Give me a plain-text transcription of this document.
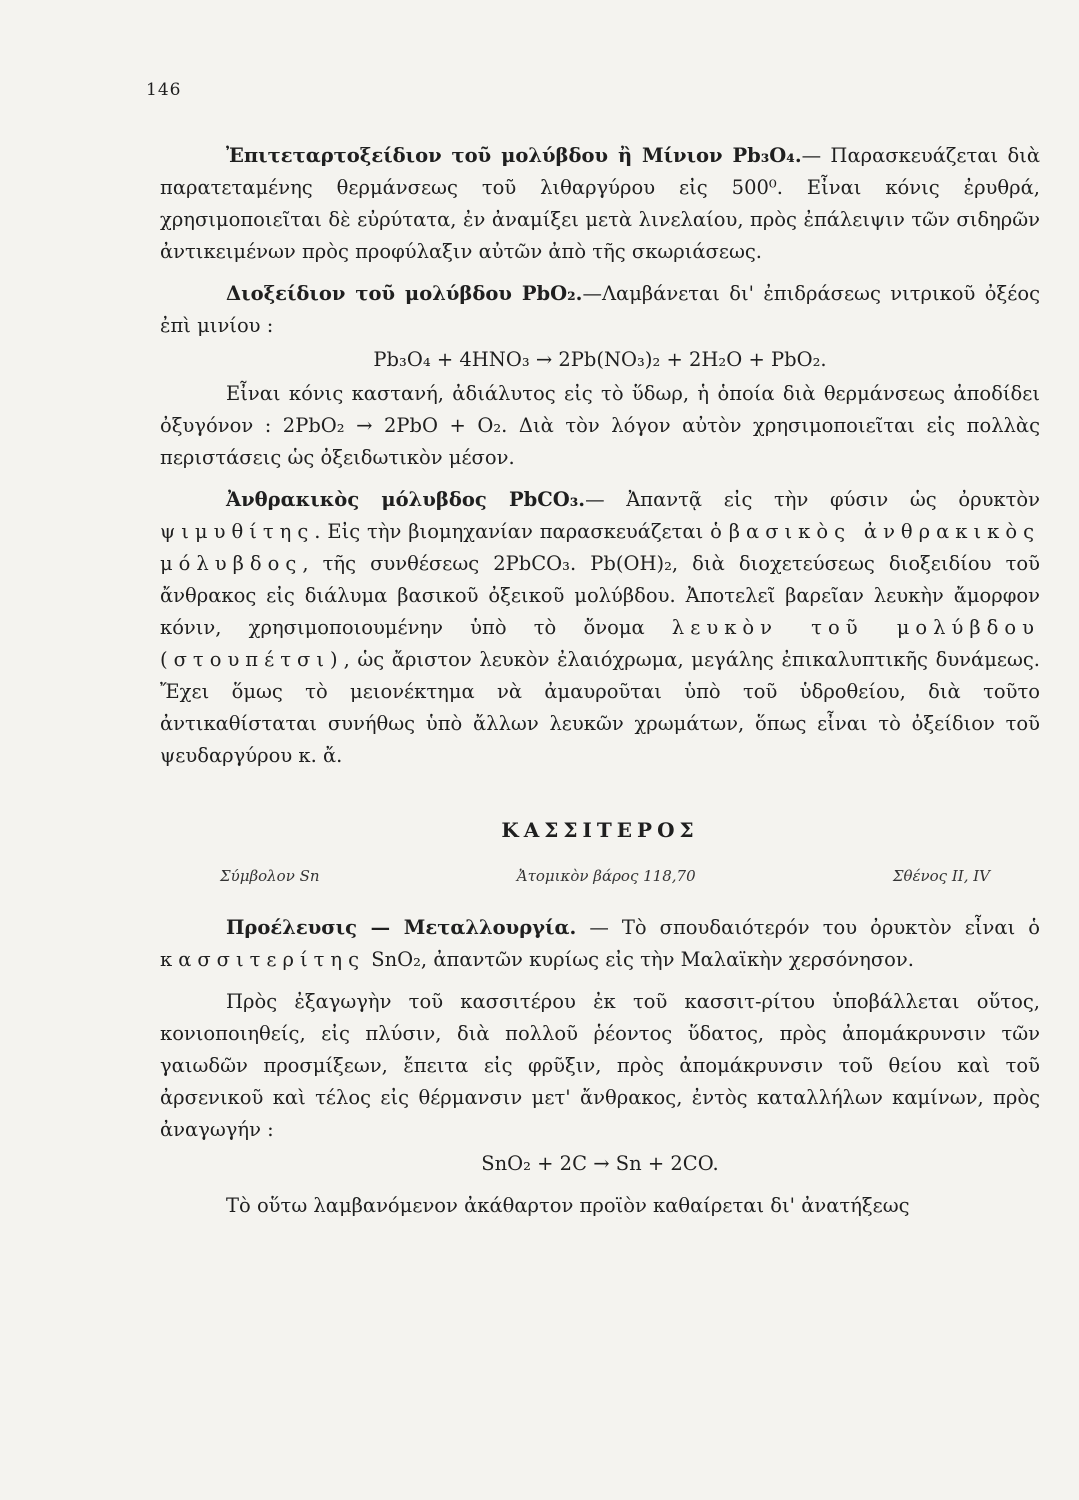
146

Ἐπιτεταρτοξείδιον τοῦ μολύβδου ἢ Μίνιον Pb₃O₄.— Παρασκευάζεται διὰ παρατεταμένης θερμάνσεως τοῦ λιθαργύρου εἰς 500⁰. Εἶναι κόνις ἐρυθρά, χρησιμοποιεῖται δὲ εὐρύτατα, ἐν ἀναμίξει μετὰ λινελαίου, πρὸς ἐπάλειψιν τῶν σιδηρῶν ἀντικειμένων πρὸς προφύλαξιν αὐτῶν ἀπὸ τῆς σκωριάσεως.

Διοξείδιον τοῦ μολύβδου PbO₂.—Λαμβάνεται δι' ἐπιδράσεως νιτρικοῦ ὀξέος ἐπὶ μινίου :

Pb₃O₄ + 4HNO₃ → 2Pb(NO₃)₂ + 2H₂O + PbO₂.

Εἶναι κόνις καστανή, ἀδιάλυτος εἰς τὸ ὕδωρ, ἡ ὁποία διὰ θερμάνσεως ἀποδίδει ὀξυγόνον : 2PbO₂ → 2PbO + O₂. Διὰ τὸν λόγον αὐτὸν χρησιμοποιεῖται εἰς πολλὰς περιστάσεις ὡς ὀξειδωτικὸν μέσον.

Ἀνθρακικὸς μόλυβδος PbCO₃.— Ἀπαντᾷ εἰς τὴν φύσιν ὡς ὀρυκτὸν ψιμυθίτης. Εἰς τὴν βιομηχανίαν παρασκευάζεται ὁ βασικὸς ἀνθρακικὸς μόλυβδος, τῆς συνθέσεως 2PbCO₃. Pb(OH)₂, διὰ διοχετεύσεως διοξειδίου τοῦ ἄνθρακος εἰς διάλυμα βασικοῦ ὀξεικοῦ μολύβδου. Ἀποτελεῖ βαρεῖαν λευκὴν ἄμορφον κόνιν, χρησιμοποιουμένην ὑπὸ τὸ ὄνομα λευκὸν τοῦ μολύβδου (στουπέτσι), ὡς ἄριστον λευκὸν ἐλαιόχρωμα, μεγάλης ἐπικαλυπτικῆς δυνάμεως. Ἔχει ὅμως τὸ μειονέκτημα νὰ ἀμαυροῦται ὑπὸ τοῦ ὑδροθείου, διὰ τοῦτο ἀντικαθίσταται συνήθως ὑπὸ ἄλλων λευκῶν χρωμάτων, ὅπως εἶναι τὸ ὀξείδιον τοῦ ψευδαργύρου κ. ἄ.

ΚΑΣΣΙΤΕΡΟΣ
Σύμβολον Sn	Ἀτομικὸν βάρος 118,70	Σθένος II, IV

Προέλευσις — Μεταλλουργία. — Τὸ σπουδαιότερόν του ὀρυκτὸν εἶναι ὁ κασσιτερίτης SnO₂, ἀπαντῶν κυρίως εἰς τὴν Μαλαϊκὴν χερσόνησον.

Πρὸς ἐξαγωγὴν τοῦ κασσιτέρου ἐκ τοῦ κασσιτ-ρίτου ὑποβάλλεται οὕτος, κονιοποιηθείς, εἰς πλύσιν, διὰ πολλοῦ ῥέοντος ὕδατος, πρὸς ἀπομάκρυνσιν τῶν γαιωδῶν προσμίξεων, ἔπειτα εἰς φρῦξιν, πρὸς ἀπομάκρυνσιν τοῦ θείου καὶ τοῦ ἀρσενικοῦ καὶ τέλος εἰς θέρμανσιν μετ' ἄνθρακος, ἐντὸς καταλλήλων καμίνων, πρὸς ἀναγωγήν :

SnO₂ + 2C → Sn + 2CO.

Τὸ οὕτω λαμβανόμενον ἀκάθαρτον προϊὸν καθαίρεται δι' ἀνατήξεως
